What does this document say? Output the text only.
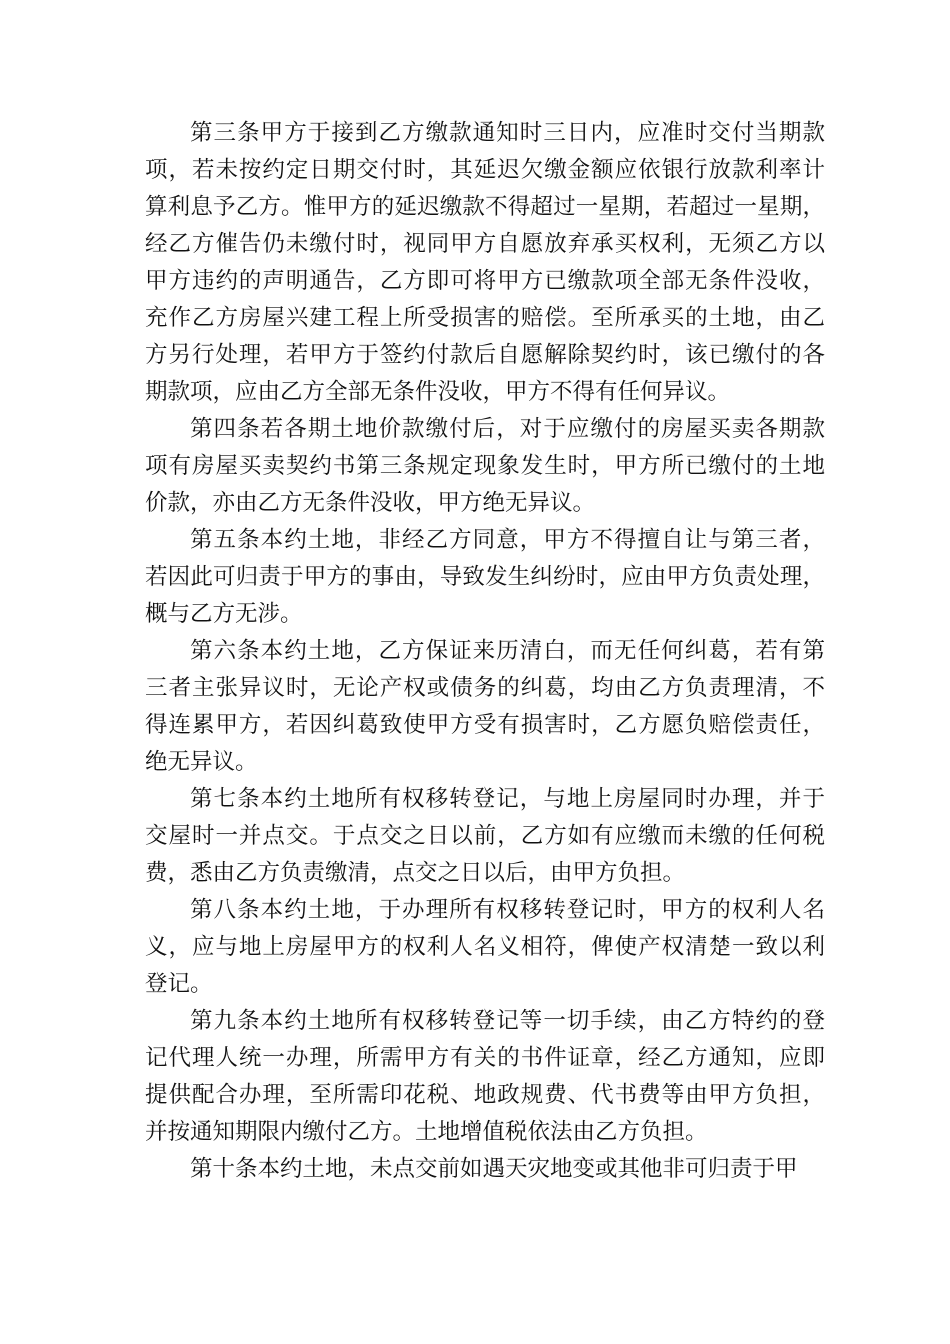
第三条甲方于接到乙方缴款通知时三日内，应准时交付当期款
项，若未按约定日期交付时，其延迟欠缴金额应依银行放款利率计
算利息予乙方。惟甲方的延迟缴款不得超过一星期，若超过一星期，
经乙方催告仍未缴付时，视同甲方自愿放弃承买权利，无须乙方以
甲方违约的声明通告，乙方即可将甲方已缴款项全部无条件没收，
充作乙方房屋兴建工程上所受损害的赔偿。至所承买的土地，由乙
方另行处理，若甲方于签约付款后自愿解除契约时，该已缴付的各
期款项，应由乙方全部无条件没收，甲方不得有任何异议。
第四条若各期土地价款缴付后，对于应缴付的房屋买卖各期款
项有房屋买卖契约书第三条规定现象发生时，甲方所已缴付的土地
价款，亦由乙方无条件没收，甲方绝无异议。
第五条本约土地，非经乙方同意，甲方不得擅自让与第三者，
若因此可归责于甲方的事由，导致发生纠纷时，应由甲方负责处理，
概与乙方无涉。
第六条本约土地，乙方保证来历清白，而无任何纠葛，若有第
三者主张异议时，无论产权或债务的纠葛，均由乙方负责理清，不
得连累甲方，若因纠葛致使甲方受有损害时，乙方愿负赔偿责任，
绝无异议。
第七条本约土地所有权移转登记，与地上房屋同时办理，并于
交屋时一并点交。于点交之日以前，乙方如有应缴而未缴的任何税
费，悉由乙方负责缴清，点交之日以后，由甲方负担。
第八条本约土地，于办理所有权移转登记时，甲方的权利人名
义，应与地上房屋甲方的权利人名义相符，俾使产权清楚一致以利
登记。
第九条本约土地所有权移转登记等一切手续，由乙方特约的登
记代理人统一办理，所需甲方有关的书件证章，经乙方通知，应即
提供配合办理，至所需印花税、地政规费、代书费等由甲方负担，
并按通知期限内缴付乙方。土地增值税依法由乙方负担。
第十条本约土地，未点交前如遇天灾地变或其他非可归责于甲
